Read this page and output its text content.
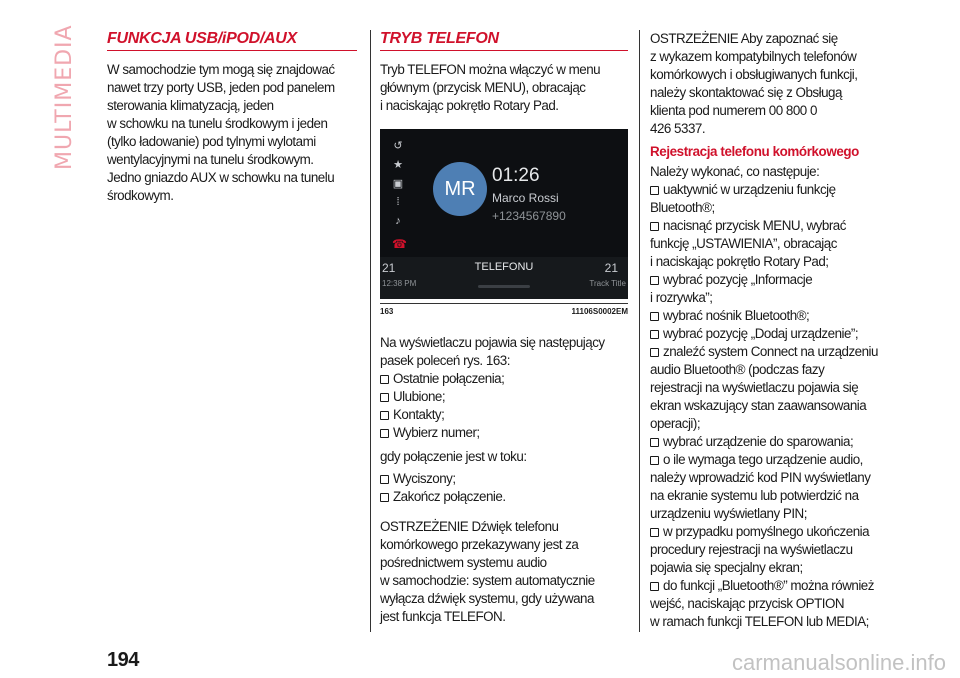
MULTIMEDIA FUNKCJA USB/iPOD/AUX

W samochodzie tym mogą się znajdować

nawet trzy porty USB, jeden pod panelem

sterowania klimatyzacją, jeden

w schowku na tunelu środkowym i jeden

(tylko ładowanie) pod tylnymi wylotami

wentylacyjnymi na tunelu środkowym.

Jedno gniazdo AUX w schowku na tunelu

środkowym.

TRYB TELEFON

Tryb TELEFON można włączyć w menu

głównym (przycisk MENU), obracając

i naciskając pokrętło Rotary Pad.

↺
★
▣
⁞
♪
☎
MR
01:26
Marco Rossi
+1234567890
21	TELEFONU	21
12:38 PM	Track Title
163	11106S0002EM

Na wyświetlaczu pojawia się następujący

pasek poleceń rys. 163:

Ostatnie połączenia;
Ulubione;
Kontakty;
Wybierz numer;

gdy połączenie jest w toku:

Wyciszony;
Zakończ połączenie.

OSTRZEŻENIE Dźwięk telefonu

komórkowego przekazywany jest za

pośrednictwem systemu audio

w samochodzie: system automatycznie

wyłącza dźwięk systemu, gdy używana

jest funkcja TELEFON.

OSTRZEŻENIE Aby zapoznać się

z wykazem kompatybilnych telefonów

komórkowych i obsługiwanych funkcji,

należy skontaktować się z Obsługą

klienta pod numerem 00 800 0

426 5337.

Rejestracja telefonu komórkowego

Należy wykonać, co następuje:

uaktywnić w urządzeniu funkcję
Bluetooth®;
nacisnąć przycisk MENU, wybrać
funkcję „USTAWIENIA”, obracając
i naciskając pokrętło Rotary Pad;
wybrać pozycję „Informacje
i rozrywka”;
wybrać nośnik Bluetooth®;
wybrać pozycję „Dodaj urządzenie”;
znaleźć system Connect na urządzeniu
audio Bluetooth® (podczas fazy
rejestracji na wyświetlaczu pojawia się
ekran wskazujący stan zaawansowania
operacji);
wybrać urządzenie do sparowania;
o ile wymaga tego urządzenie audio,
należy wprowadzić kod PIN wyświetlany
na ekranie systemu lub potwierdzić na
urządzeniu wyświetlany PIN;
w przypadku pomyślnego ukończenia
procedury rejestracji na wyświetlaczu
pojawia się specjalny ekran;
do funkcji „Bluetooth®” można również
wejść, naciskając przycisk OPTION
w ramach funkcji TELEFON lub MEDIA;
194	carmanualsonline.info
